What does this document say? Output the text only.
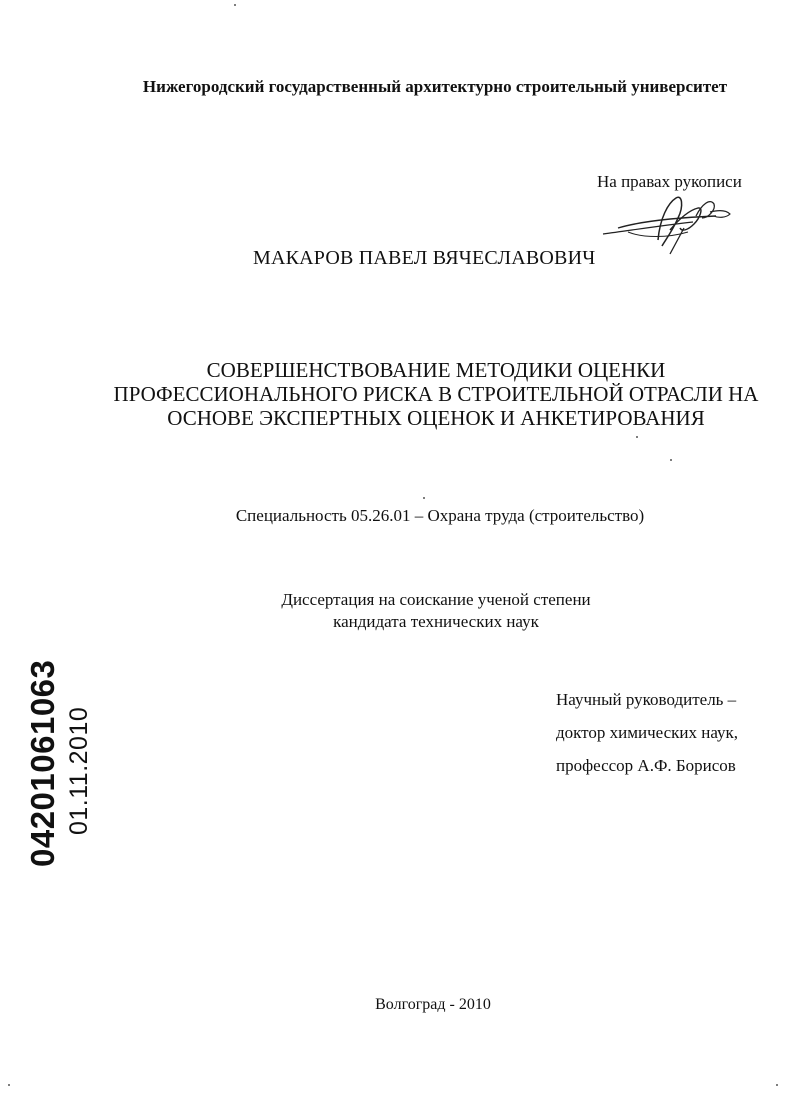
Нижегородский государственный архитектурно строительный университет

На правах рукописи

МАКАРОВ ПАВЕЛ ВЯЧЕСЛАВОВИЧ

СОВЕРШЕНСТВОВАНИЕ МЕТОДИКИ ОЦЕНКИ ПРОФЕССИОНАЛЬНОГО РИСКА В СТРОИТЕЛЬНОЙ ОТРАСЛИ НА ОСНОВЕ ЭКСПЕРТНЫХ ОЦЕНОК И АНКЕТИРОВАНИЯ

Специальность 05.26.01 – Охрана труда (строительство)

Диссертация на соискание ученой степени
кандидата технических наук
Научный руководитель –
доктор химических наук,
профессор А.Ф. Борисов

Волгоград - 2010

04201061063 01.11.2010
